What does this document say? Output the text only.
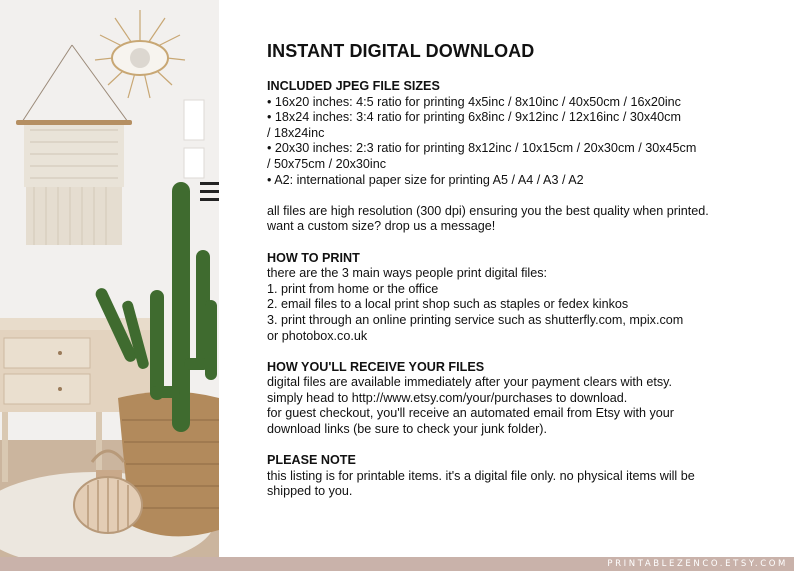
INSTANT DIGITAL DOWNLOAD

INCLUDED JPEG FILE SIZES

• 16x20 inches: 4:5 ratio for printing 4x5inc / 8x10inc / 40x50cm / 16x20inc

• 18x24 inches: 3:4 ratio for printing 6x8inc / 9x12inc / 12x16inc / 30x40cm

/ 18x24inc

• 20x30 inches: 2:3 ratio for printing 8x12inc / 10x15cm / 20x30cm / 30x45cm

/ 50x75cm / 20x30inc

• A2: international paper size for printing A5 / A4 / A3 / A2

all files are high resolution (300 dpi) ensuring you the best quality when printed.

want a custom size? drop us a message!

HOW TO PRINT

there are the 3 main ways people print digital files:

1. print from home or the office

2. email files to a local print shop such as staples or fedex kinkos

3. print through an online printing service such as shutterfly.com, mpix.com

or photobox.co.uk

HOW YOU'LL RECEIVE YOUR FILES

digital files are available immediately after your payment clears with etsy.

simply head to http://www.etsy.com/your/purchases to download.

for guest checkout, you'll receive an automated email from Etsy with your

download links (be sure to check your junk folder).

PLEASE NOTE

this listing is for printable items. it's a digital file only. no physical items will be

shipped to you.

PRINTABLEZENCO.ETSY.COM
